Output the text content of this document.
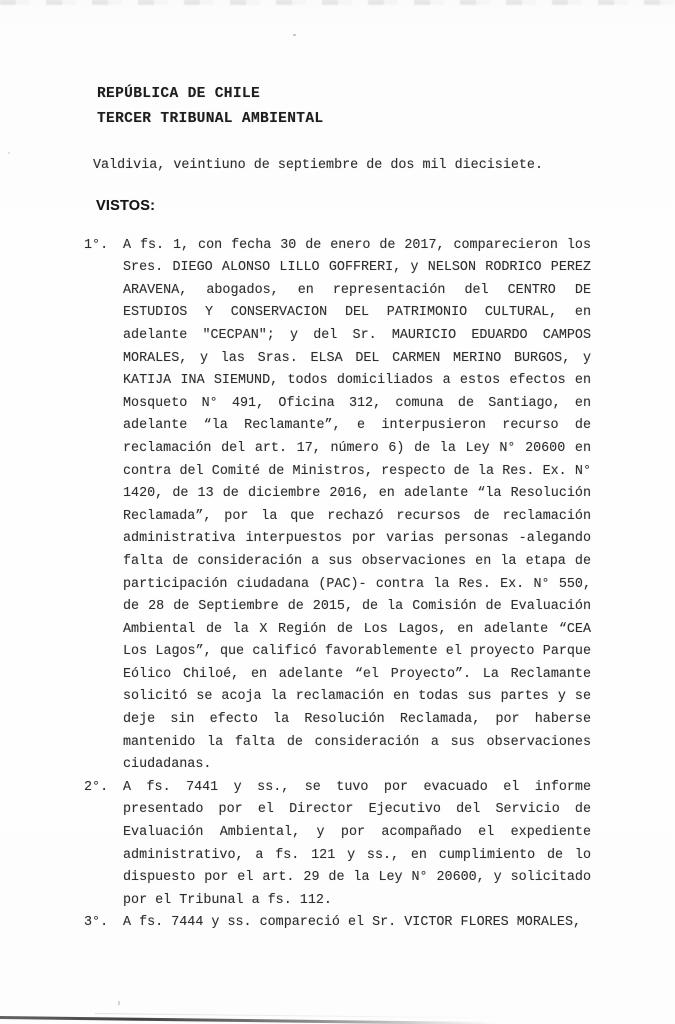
REPÚBLICA DE CHILE
TERCER TRIBUNAL AMBIENTAL

Valdivia, veintiuno de septiembre de dos mil diecisiete.

VISTOS:

1°.	A fs. 1, con fecha 30 de enero de 2017, comparecieron los Sres. DIEGO ALONSO LILLO GOFFRERI, y NELSON RODRICO PEREZ ARAVENA, abogados, en representación del CENTRO DE ESTUDIOS Y CONSERVACION DEL PATRIMONIO CULTURAL, en adelante "CECPAN"; y del Sr. MAURICIO EDUARDO CAMPOS MORALES, y las Sras. ELSA DEL CARMEN MERINO BURGOS, y KATIJA INA SIEMUND, todos domiciliados a estos efectos en Mosqueto N° 491, Oficina 312, comuna de Santiago, en adelante “la Reclamante”, e interpusieron recurso de reclamación del art. 17, número 6) de la Ley N° 20600 en contra del Comité de Ministros, respecto de la Res. Ex. N° 1420, de 13 de diciembre 2016, en adelante “la Resolución Reclamada”, por la que rechazó recursos de reclamación administrativa interpuestos por varias personas -alegando falta de consideración a sus observaciones en la etapa de participación ciudadana (PAC)- contra la Res. Ex. N° 550, de 28 de Septiembre de 2015, de la Comisión de Evaluación Ambiental de la X Región de Los Lagos, en adelante “CEA Los Lagos”, que calificó favorablemente el proyecto Parque Eólico Chiloé, en adelante “el Proyecto”. La Reclamante solicitó se acoja la reclamación en todas sus partes y se deje sin efecto la Resolución Reclamada, por haberse mantenido la falta de consideración a sus observaciones ciudadanas.
2°.	A fs. 7441 y ss., se tuvo por evacuado el informe presentado por el Director Ejecutivo del Servicio de Evaluación Ambiental, y por acompañado el expediente administrativo, a fs. 121 y ss., en cumplimiento de lo dispuesto por el art. 29 de la Ley N° 20600, y solicitado por el Tribunal a fs. 112.
3°.	A fs. 7444 y ss. compareció el Sr. VICTOR FLORES MORALES,
